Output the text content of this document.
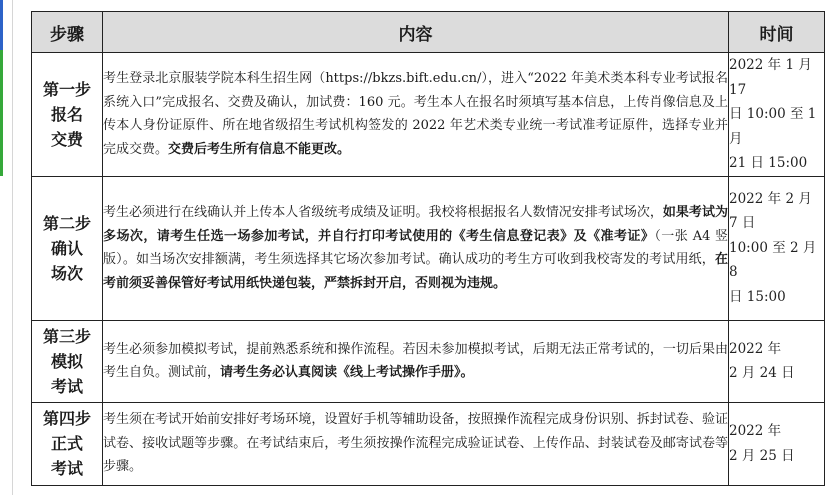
步骤	内容	时间

第一步
报名
交费	考生登录北京服装学院本科生招生网（https://bkzs.bift.edu.cn/），进入“2022 年美术类本科专业考试报名系统入口”完成报名、交费及确认，加试费：160 元。考生本人在报名时须填写基本信息，上传肖像信息及上传本人身份证原件、所在地省级招生考试机构签发的 2022 年艺术类专业统一考试准考证原件，选择专业并完成交费。交费后考生所有信息不能更改。	2022 年 1 月 17
日 10:00 至 1 月
21 日 15:00

第二步
确认
场次	考生必须进行在线确认并上传本人省级统考成绩及证明。我校将根据报名人数情况安排考试场次，如果考试为多场次，请考生任选一场参加考试，并自行打印考试使用的《考生信息登记表》及《准考证》（一张 A4 竖版）。如当场次安排额满，考生须选择其它场次参加考试。确认成功的考生方可收到我校寄发的考试用纸，在考前须妥善保管好考试用纸快递包装，严禁拆封开启，否则视为违规。	2022 年 2 月 7 日
10:00 至 2 月 8
日 15:00

第三步
模拟
考试	考生必须参加模拟考试，提前熟悉系统和操作流程。若因未参加模拟考试，后期无法正常考试的，一切后果由考生自负。测试前，请考生务必认真阅读《线上考试操作手册》。	2022 年
2 月 24 日

第四步
正式
考试	考生须在考试开始前安排好考场环境，设置好手机等辅助设备，按照操作流程完成身份识别、拆封试卷、验证试卷、接收试题等步骤。在考试结束后，考生须按操作流程完成验证试卷、上传作品、封装试卷及邮寄试卷等步骤。	2022 年
2 月 25 日
